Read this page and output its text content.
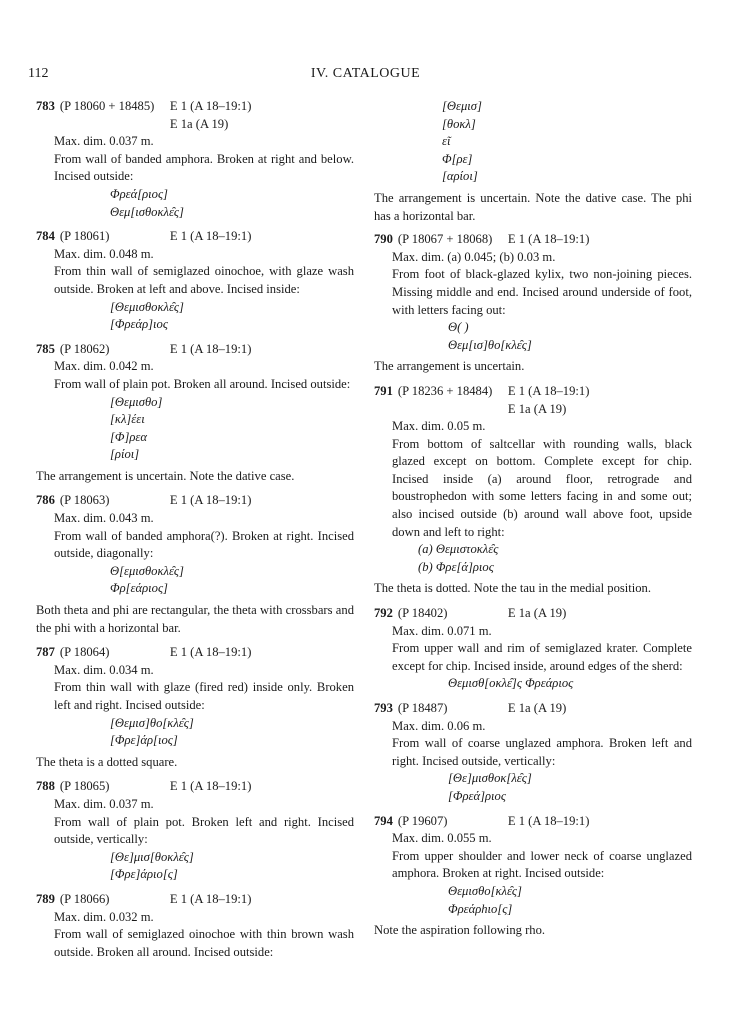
112	IV. CATALOGUE
783 (P 18060 + 18485)	E 1 (A 18–19:1)
E 1a (A 19)

Max. dim. 0.037 m.

From wall of banded amphora. Broken at right and below. Incised outside:

Φρεά[ριος]
Θεμ[ισθοκλε̑ς]
784 (P 18061)	E 1 (A 18–19:1)

Max. dim. 0.048 m.

From thin wall of semiglazed oinochoe, with glaze wash outside. Broken at left and above. Incised inside:

[Θεμισθοκλε̑ς]
[Φρεάρ]ιος
785 (P 18062)	E 1 (A 18–19:1)

Max. dim. 0.042 m.

From wall of plain pot. Broken all around. Incised outside:

[Θεμισθο]
[κλ]έει
[Φ]ρεα
[ρίοι]
The arrangement is uncertain. Note the dative case.
786 (P 18063)	E 1 (A 18–19:1)

Max. dim. 0.043 m.

From wall of banded amphora(?). Broken at right. Incised outside, diagonally:

Θ[εμισθοκλε̑ς]
Φρ[εάριος]
Both theta and phi are rectangular, the theta with crossbars and the phi with a horizontal bar.
787 (P 18064)	E 1 (A 18–19:1)

Max. dim. 0.034 m.

From thin wall with glaze (fired red) inside only. Broken left and right. Incised outside:

[Θεμισ]θο[κλε̑ς]
[Φρε]άρ[ιος]
The theta is a dotted square.
788 (P 18065)	E 1 (A 18–19:1)

Max. dim. 0.037 m.

From wall of plain pot. Broken left and right. Incised outside, vertically:

[Θε]μισ[θοκλε̑ς]
[Φρε]άριο[ς]
789 (P 18066)	E 1 (A 18–19:1)

Max. dim. 0.032 m.

From wall of semiglazed oinochoe with thin brown wash outside. Broken all around. Incised outside:

[Θεμισ]
[θοκλ]
εῖ
Φ[ρε]
[αρίοι]
The arrangement is uncertain. Note the dative case. The phi has a horizontal bar.
790 (P 18067 + 18068)	E 1 (A 18–19:1)

Max. dim. (a) 0.045; (b) 0.03 m.

From foot of black-glazed kylix, two non-joining pieces. Missing middle and end. Incised around underside of foot, with letters facing out:

Θ( )
Θεμ[ισ]θο[κλε̑ς]
The arrangement is uncertain.
791 (P 18236 + 18484)	E 1 (A 18–19:1)
E 1a (A 19)

Max. dim. 0.05 m.

From bottom of saltcellar with rounding walls, black glazed except on bottom. Complete except for chip. Incised inside (a) around floor, retrograde and boustrophedon with some letters facing in and some out; also incised outside (b) around wall above foot, upside down and left to right:

(a) Θεμιστοκλε̑ς
(b) Φρε[ά]ριος
The theta is dotted. Note the tau in the medial position.
792 (P 18402)	E 1a (A 19)

Max. dim. 0.071 m.

From upper wall and rim of semiglazed krater. Complete except for chip. Incised inside, around edges of the sherd:

Θεμισθ[οκλε̑]ς Φρεάριος
793 (P 18487)	E 1a (A 19)

Max. dim. 0.06 m.

From wall of coarse unglazed amphora. Broken left and right. Incised outside, vertically:

[Θε]μισθοκ[λε̑ς]
[Φρεά]ριος
794 (P 19607)	E 1 (A 18–19:1)

Max. dim. 0.055 m.

From upper shoulder and lower neck of coarse unglazed amphora. Broken at right. Incised outside:

Θεμισθο[κλε̑ς]
Φρεάρhιο[ς]
Note the aspiration following rho.
